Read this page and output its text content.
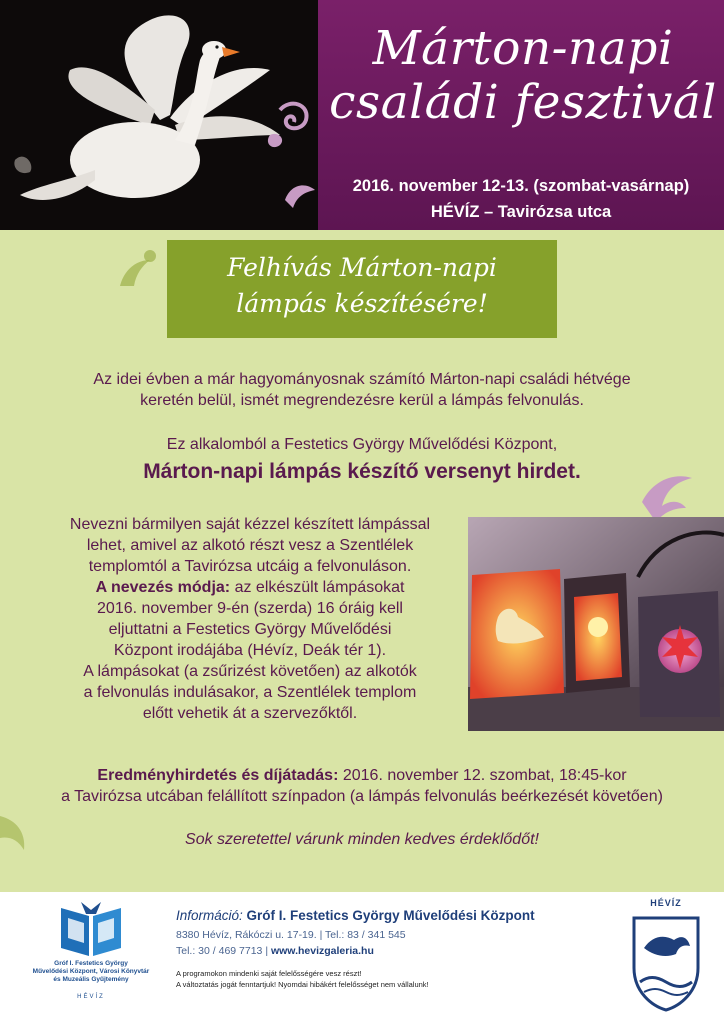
Márton-napi
családi fesztivál
2016. november 12-13. (szombat-vasárnap)
HÉVÍZ – Tavirózsa utca
Felhívás Márton-napi
lámpás készítésére!
Az idei évben a már hagyományosnak számító Márton-napi családi hétvége
keretén belül, ismét megrendezésre kerül a lámpás felvonulás.
Ez alkalomból a Festetics György Művelődési Központ,
Márton-napi lámpás készítő versenyt hirdet.
Nevezni bármilyen saját kézzel készített lámpással
lehet, amivel az alkotó részt vesz a Szentlélek
templomtól a Tavirózsa utcáig a felvonuláson.
A nevezés módja: az elkészült lámpásokat
2016. november 9-én (szerda) 16 óráig kell
eljuttatni a Festetics György Művelődési
Központ irodájába (Hévíz, Deák tér 1).
A lámpásokat (a zsűrizést követően) az alkotók
a felvonulás indulásakor, a Szentlélek templom
előtt vehetik át a szervezőktől.
Eredményhirdetés és díjátadás: 2016. november 12. szombat, 18:45-kor
a Tavirózsa utcában felállított színpadon (a lámpás felvonulás beérkezését követően)
Sok szeretettel várunk minden kedves érdeklődőt!
Gróf I. Festetics György
Művelődési Központ, Városi Könyvtár
és Muzeális Gyűjtemény
HÉVÍZ
Információ: Gróf I. Festetics György Művelődési Központ
8380 Hévíz, Rákóczi u. 17-19. | Tel.: 83 / 341 545
Tel.: 30 / 469 7713 | www.hevizgaleria.hu
A programokon mindenki saját felelősségére vesz részt!
A változtatás jogát fenntartjuk! Nyomdai hibákért felelősséget nem vállalunk!
HÉVÍZ
